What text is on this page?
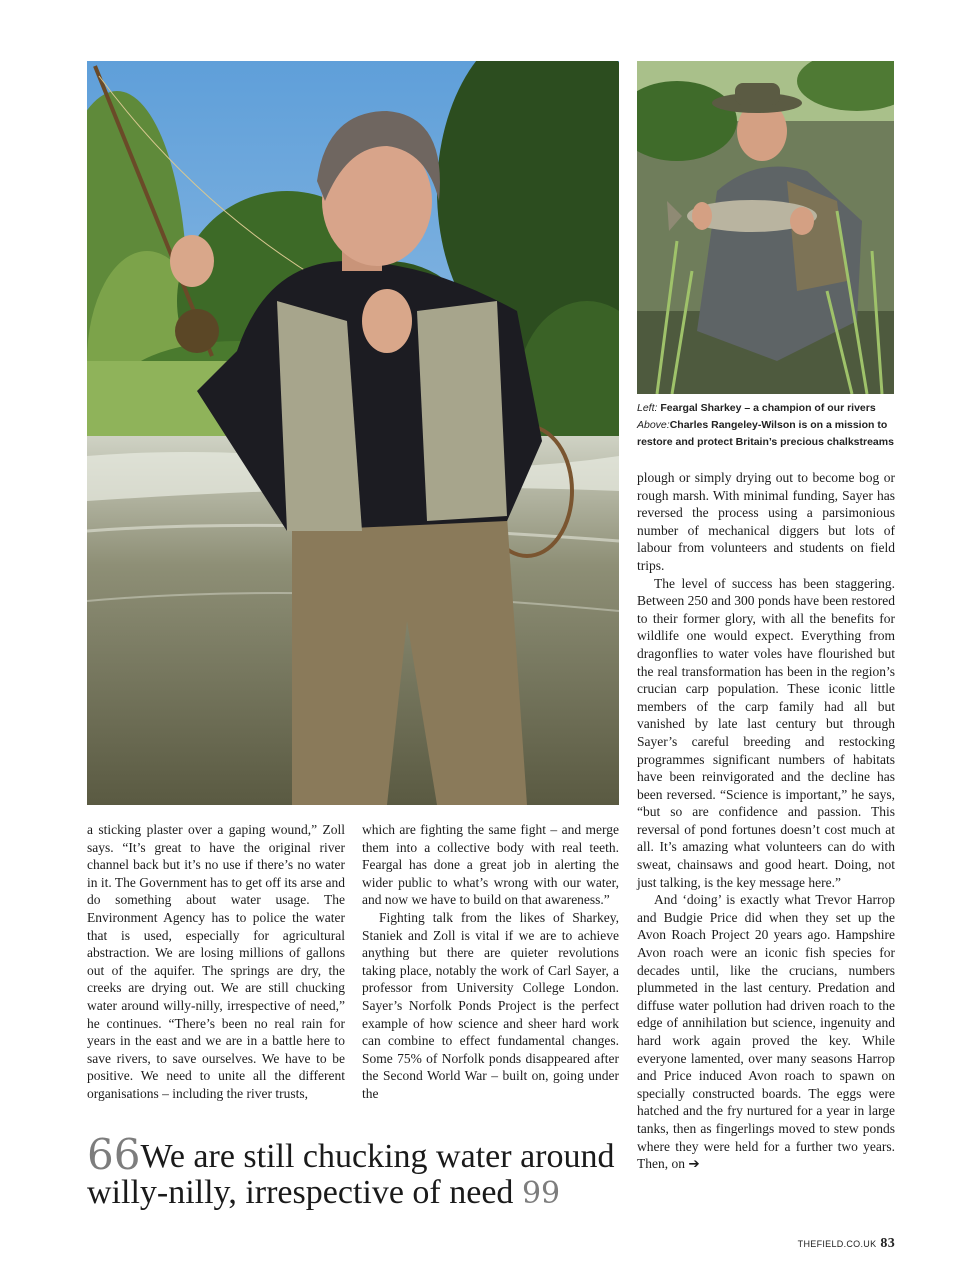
Left: Feargal Sharkey – a champion of our rivers
Above:Charles Rangeley-Wilson is on a mission to
restore and protect Britain’s precious chalkstreams

a sticking plaster over a gaping wound,” Zoll says. “It’s great to have the original river channel back but it’s no use if there’s no water in it. The Government has to get off its arse and do something about water usage. The Environment Agency has to police the water that is used, especially for agricultural abstraction. We are losing millions of gallons out of the aquifer. The springs are dry, the creeks are drying out. We are still chucking water around willy-nilly, irrespective of need,” he continues. “There’s been no real rain for years in the east and we are in a battle here to save rivers, to save ourselves. We have to be positive. We need to unite all the different organisations – including the river trusts,

which are fighting the same fight – and merge them into a collective body with real teeth. Feargal has done a great job in alerting the wider public to what’s wrong with our water, and now we have to build on that awareness.”

Fighting talk from the likes of Sharkey, Staniek and Zoll is vital if we are to achieve anything but there are quieter revolutions taking place, notably the work of Carl Sayer, a professor from University College London. Sayer’s Norfolk Ponds Project is the perfect example of how science and sheer hard work can combine to effect fundamental changes. Some 75% of Norfolk ponds disappeared after the Second World War – built on, going under the

plough or simply drying out to become bog or rough marsh. With minimal funding, Sayer has reversed the process using a parsimonious number of mechanical diggers but lots of labour from volunteers and students on field trips.

The level of success has been staggering. Between 250 and 300 ponds have been restored to their former glory, with all the benefits for wildlife one would expect. Everything from dragonflies to water voles have flourished but the real transformation has been in the region’s crucian carp population. These iconic little members of the carp family had all but vanished by late last century but through Sayer’s careful breeding and restocking programmes significant numbers of habitats have been reinvigorated and the decline has been reversed. “Science is important,” he says, “but so are confidence and passion. This reversal of pond fortunes doesn’t cost much at all. It’s amazing what volunteers can do with sweat, chainsaws and good heart. Doing, not just talking, is the key message here.”

And ‘doing’ is exactly what Trevor Harrop and Budgie Price did when they set up the Avon Roach Project 20 years ago. Hampshire Avon roach were an iconic fish species for decades until, like the crucians, numbers plummeted in the last century. Predation and diffuse water pollution had driven roach to the edge of annihilation but science, ingenuity and hard work again proved the key. While everyone lamented, over many seasons Harrop and Price induced Avon roach to spawn on specially constructed boards. The eggs were hatched and the fry nurtured for a year in large tanks, then as fingerlings moved to stew ponds where they were held for a further two years. Then, on ➔

66We are still chucking water around
willy-nilly, irrespective of need 99
THEFIELD.CO.UK 83
